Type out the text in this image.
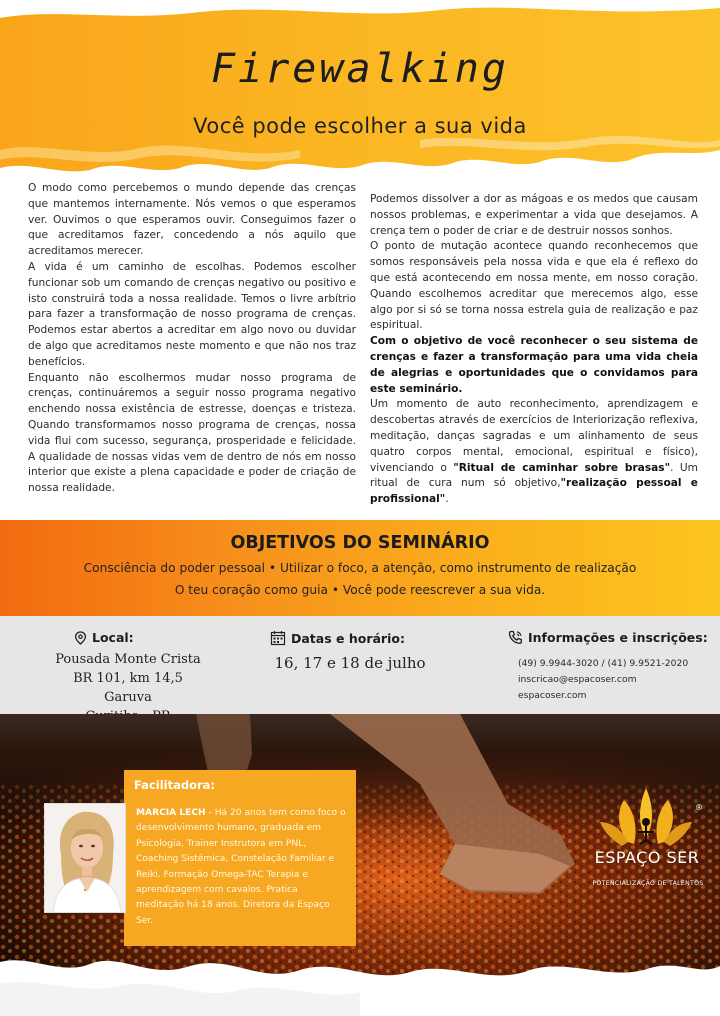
Firewalking
Você pode escolher a sua vida

O modo como percebemos o mundo depende das crenças que mantemos internamente. Nós vemos o que esperamos ver. Ouvimos o que esperamos ouvir. Conseguimos fazer o que acreditamos fazer, concedendo a nós aquilo que acreditamos merecer.

A vida é um caminho de escolhas. Podemos escolher funcionar sob um comando de crenças negativo ou positivo e isto construirá toda a nossa realidade. Temos o livre arbítrio para fazer a transformação de nosso programa de crenças. Podemos estar abertos a acreditar em algo novo ou duvidar de algo que acreditamos neste momento e que não nos traz benefícios.

Enquanto não escolhermos mudar nosso programa de crenças, continuáremos a seguir nosso programa negativo enchendo nossa existência de estresse, doenças e tristeza. Quando transformamos nosso programa de crenças, nossa vida flui com sucesso, segurança, prosperidade e felicidade. A qualidade de nossas vidas vem de dentro de nós em nosso interior que existe a plena capacidade e poder de criação de nossa realidade.

Podemos dissolver a dor as mágoas e os medos que causam nossos problemas, e experimentar a vida que desejamos. A crença tem o poder de criar e de destruir nossos sonhos.

O ponto de mutação acontece quando reconhecemos que somos responsáveis pela nossa vida e que ela é reflexo do que está acontecendo em nossa mente, em nosso coração. Quando escolhemos acreditar que merecemos algo, esse algo por si só se torna nossa estrela guia de realização e paz espiritual.

Com o objetivo de você reconhecer o seu sistema de crenças e fazer a transformação para uma vida cheia de alegrias e oportunidades que o convidamos para este seminário.

Um momento de auto reconhecimento, aprendizagem e descobertas através de exercícios de Interiorização reflexiva, meditação, danças sagradas e um alinhamento de seus quatro corpos mental, emocional, espiritual e físico), vivenciando o "Ritual de caminhar sobre brasas". Um ritual de cura num só objetivo,"realização pessoal e profissional".

OBJETIVOS DO SEMINÁRIO
Consciência do poder pessoal • Utilizar o foco, a atenção, como instrumento de realização
O teu coração como guia • Você pode reescrever a sua vida.
Local:
Pousada Monte Crista
BR 101, km 14,5 Garuva
Datas e horário:
16, 17 e 18 de julho
Informações e inscrições:
(49) 9.9944-3020 / (41) 9.9521-2020
inscricao@espacoser.com
espacoser.com
Facilitadora:
MARCIA LECH - Há 20 anos tem como foco o desenvolvimento humano, graduada em Psicologia, Trainer Instrutora em PNL, Coaching Sistêmica, Constelação Familiar e Reiki. Formação Omega-TAC Terapia e aprendizagem com cavalos. Pratica meditação há 18 anos. Diretora da Espaço Ser.
®
ESPAÇO SER
POTENCIALIZAÇÃO DE TALENTOS
